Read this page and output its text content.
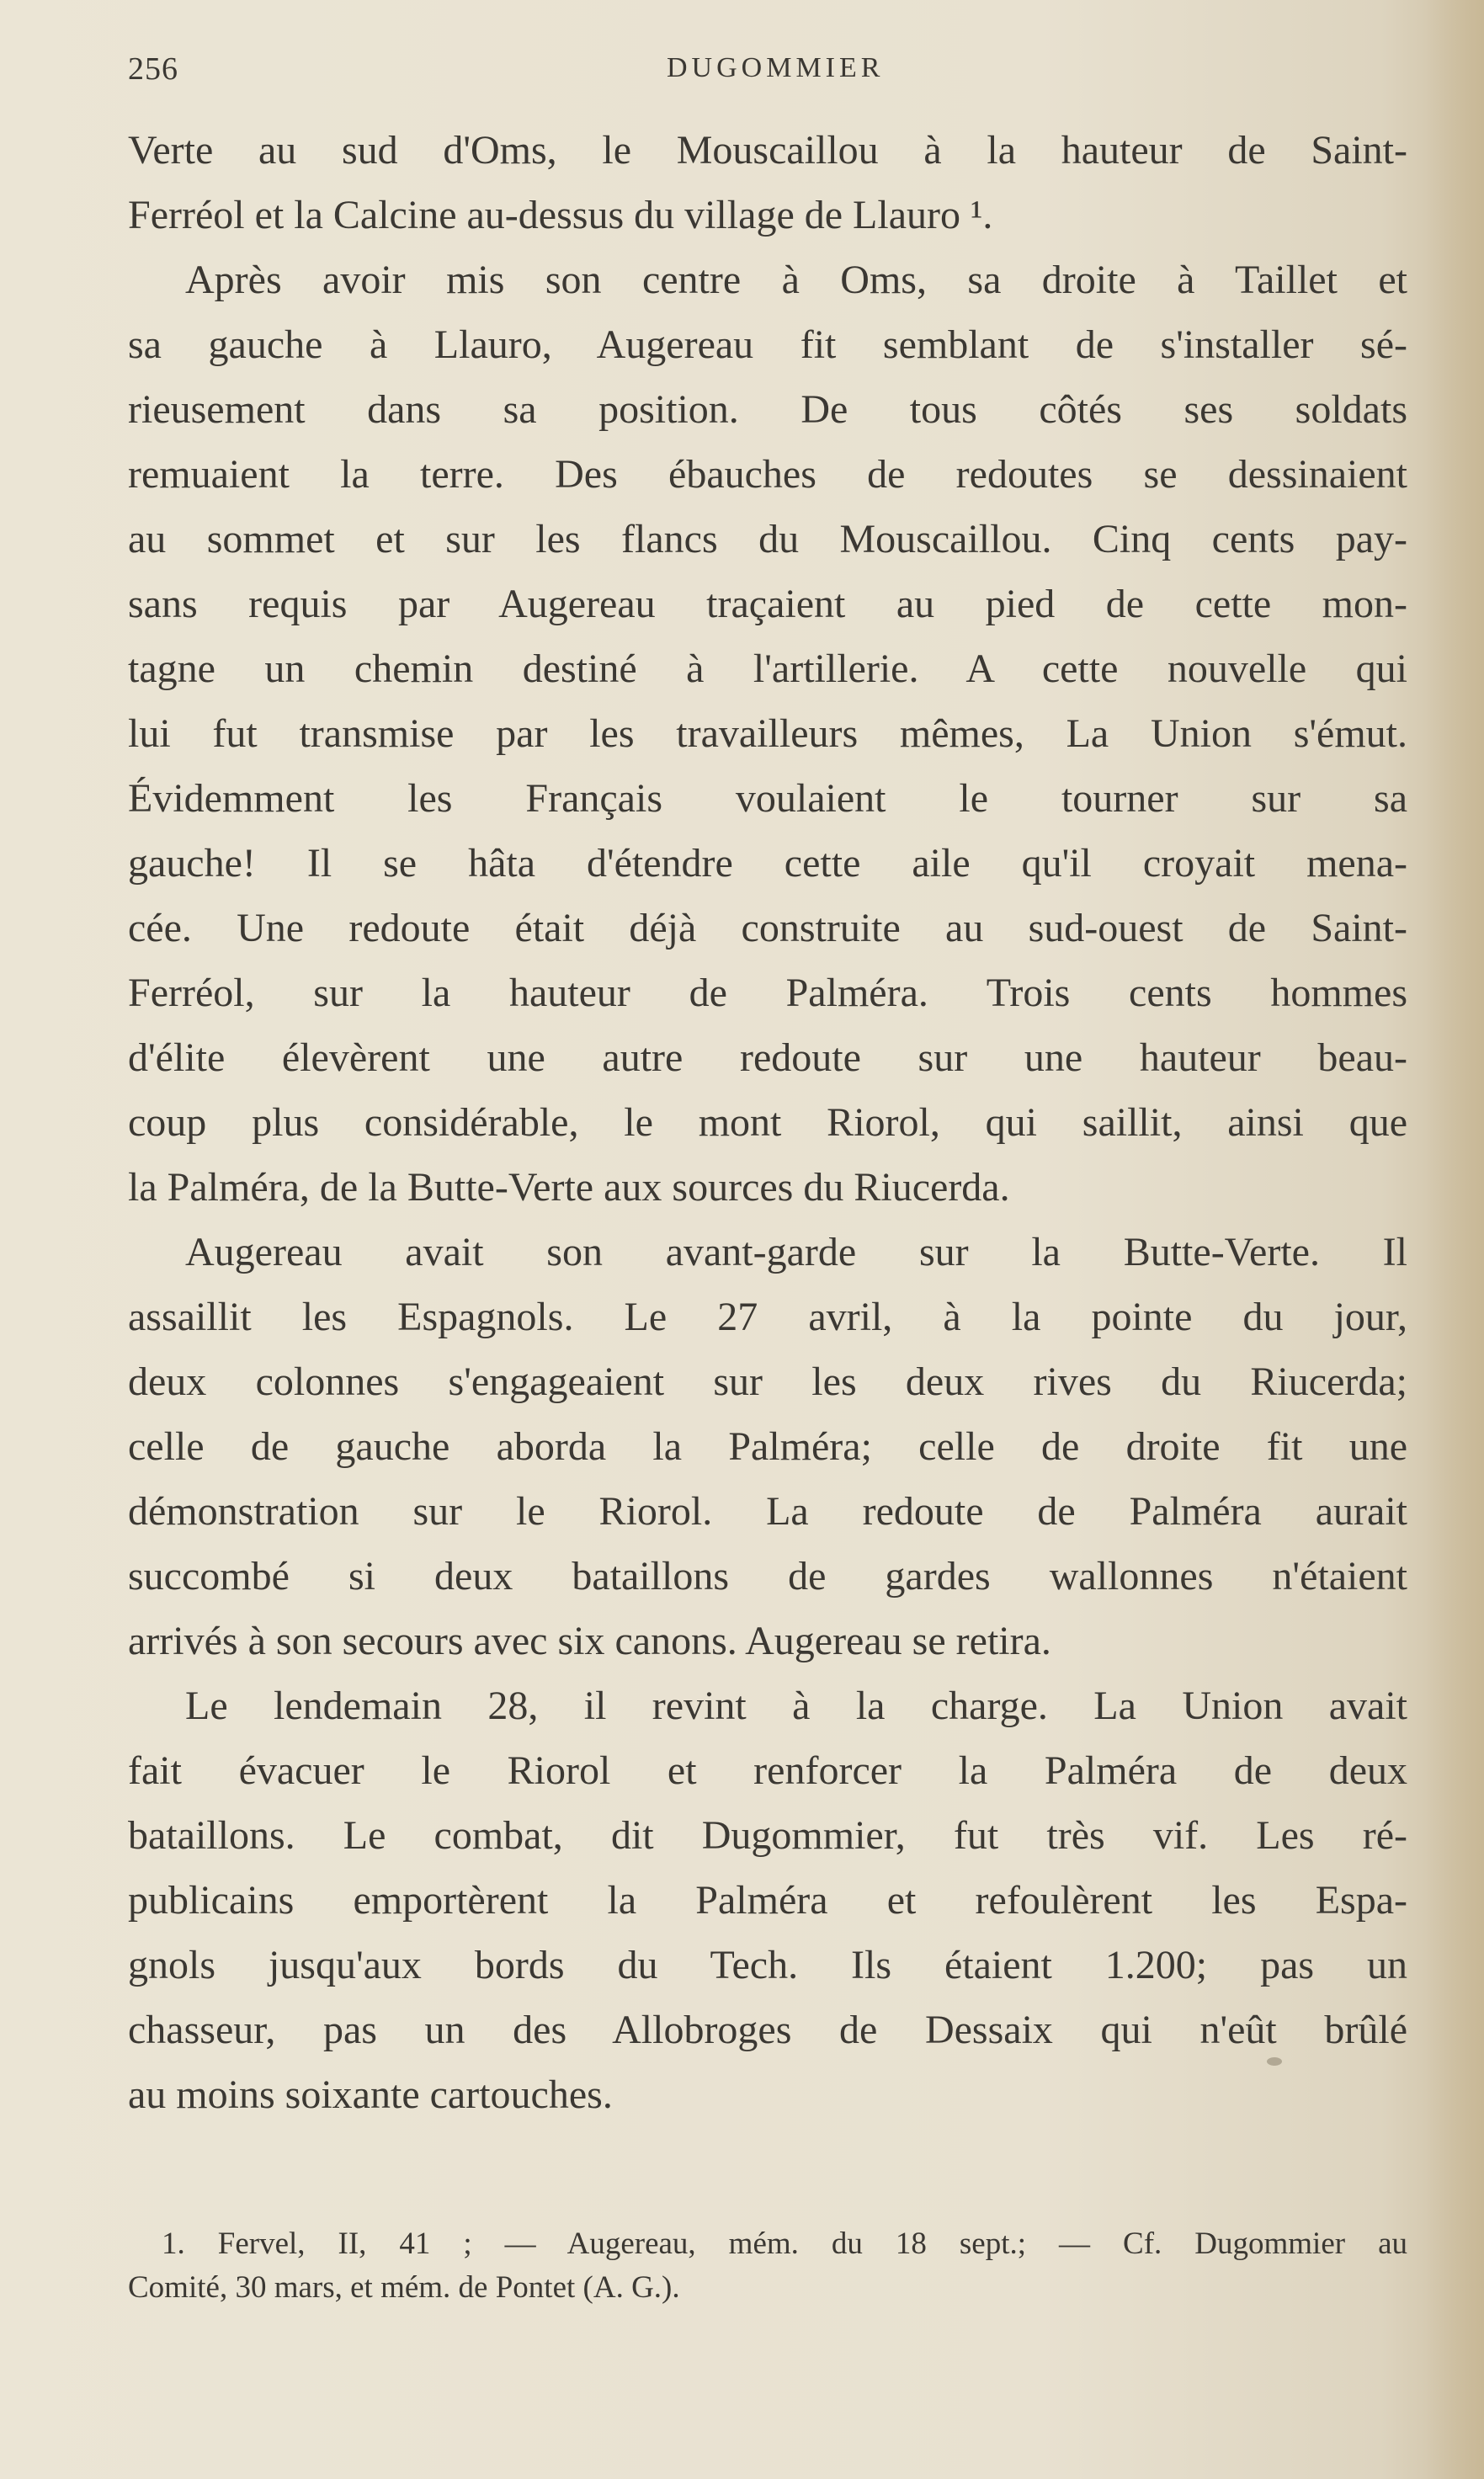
256	DUGOMMIER
Verte au sud d'Oms, le Mouscaillou à la hauteur de Saint-
Ferréol et la Calcine au-dessus du village de Llauro ¹.
Après avoir mis son centre à Oms, sa droite à Taillet et
sa gauche à Llauro, Augereau fit semblant de s'installer sé-
rieusement dans sa position. De tous côtés ses soldats
remuaient la terre. Des ébauches de redoutes se dessinaient
au sommet et sur les flancs du Mouscaillou. Cinq cents pay-
sans requis par Augereau traçaient au pied de cette mon-
tagne un chemin destiné à l'artillerie. A cette nouvelle qui
lui fut transmise par les travailleurs mêmes, La Union s'émut.
Évidemment les Français voulaient le tourner sur sa
gauche! Il se hâta d'étendre cette aile qu'il croyait mena-
cée. Une redoute était déjà construite au sud-ouest de Saint-
Ferréol, sur la hauteur de Palméra. Trois cents hommes
d'élite élevèrent une autre redoute sur une hauteur beau-
coup plus considérable, le mont Riorol, qui saillit, ainsi que
la Palméra, de la Butte-Verte aux sources du Riucerda.
Augereau avait son avant-garde sur la Butte-Verte. Il
assaillit les Espagnols. Le 27 avril, à la pointe du jour,
deux colonnes s'engageaient sur les deux rives du Riucerda;
celle de gauche aborda la Palméra; celle de droite fit une
démonstration sur le Riorol. La redoute de Palméra aurait
succombé si deux bataillons de gardes wallonnes n'étaient
arrivés à son secours avec six canons. Augereau se retira.
Le lendemain 28, il revint à la charge. La Union avait
fait évacuer le Riorol et renforcer la Palméra de deux
bataillons. Le combat, dit Dugommier, fut très vif. Les ré-
publicains emportèrent la Palméra et refoulèrent les Espa-
gnols jusqu'aux bords du Tech. Ils étaient 1.200; pas un
chasseur, pas un des Allobroges de Dessaix qui n'eût brûlé
au moins soixante cartouches.
1. Fervel, II, 41 ; — Augereau, mém. du 18 sept.; — Cf. Dugommier au
Comité, 30 mars, et mém. de Pontet (A. G.).
